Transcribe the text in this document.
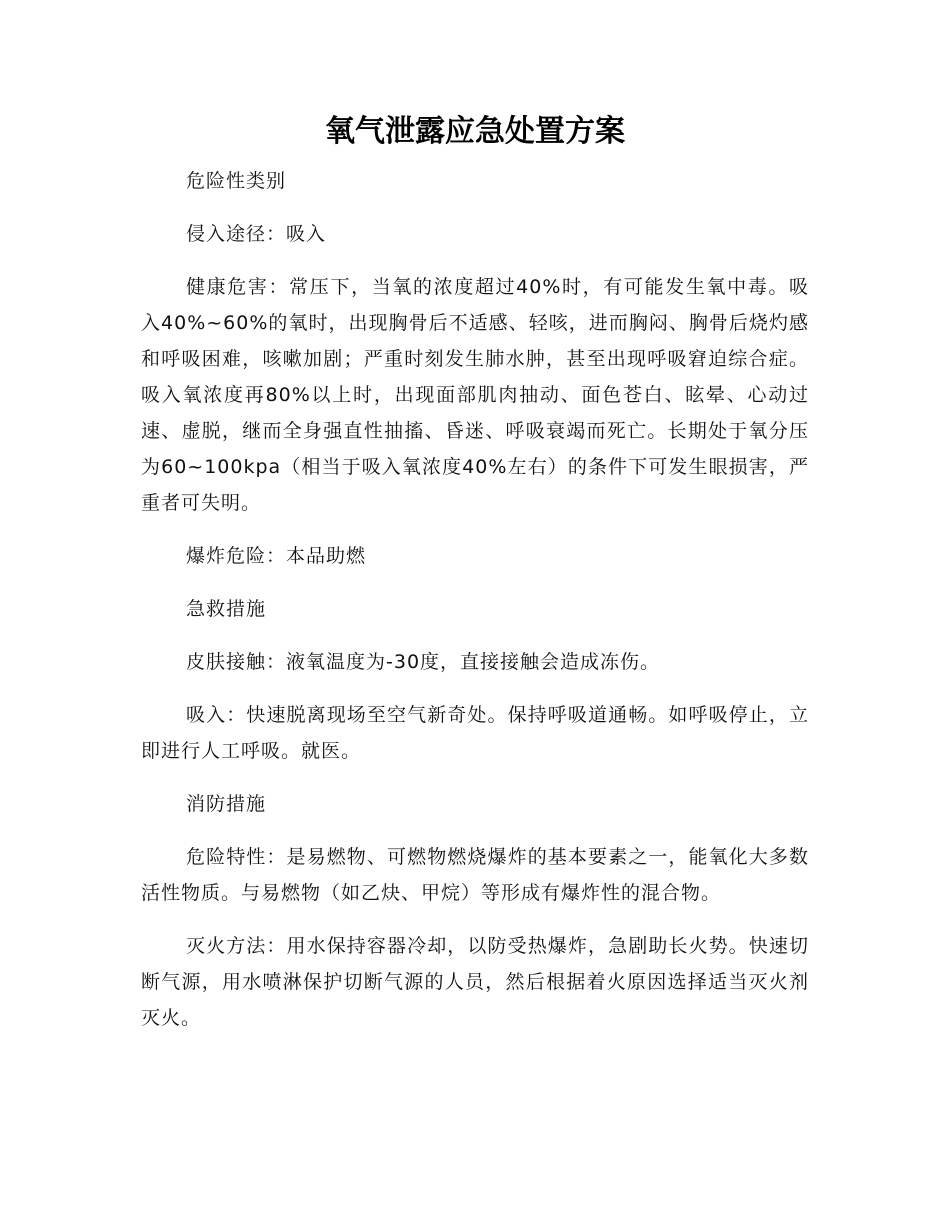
氧气泄露应急处置方案

危险性类别

侵入途径：吸入

健康危害：常压下，当氧的浓度超过40%时，有可能发生氧中毒。吸入40%~60%的氧时，出现胸骨后不适感、轻咳，进而胸闷、胸骨后烧灼感和呼吸困难，咳嗽加剧；严重时刻发生肺水肿，甚至出现呼吸窘迫综合症。吸入氧浓度再80%以上时，出现面部肌肉抽动、面色苍白、眩晕、心动过速、虚脱，继而全身强直性抽搐、昏迷、呼吸衰竭而死亡。长期处于氧分压为60~100kpa（相当于吸入氧浓度40%左右）的条件下可发生眼损害，严重者可失明。

爆炸危险：本品助燃

急救措施

皮肤接触：液氧温度为-30度，直接接触会造成冻伤。

吸入：快速脱离现场至空气新奇处。保持呼吸道通畅。如呼吸停止，立即进行人工呼吸。就医。

消防措施

危险特性：是易燃物、可燃物燃烧爆炸的基本要素之一，能氧化大多数活性物质。与易燃物（如乙炔、甲烷）等形成有爆炸性的混合物。

灭火方法：用水保持容器冷却，以防受热爆炸，急剧助长火势。快速切断气源，用水喷淋保护切断气源的人员，然后根据着火原因选择适当灭火剂灭火。
